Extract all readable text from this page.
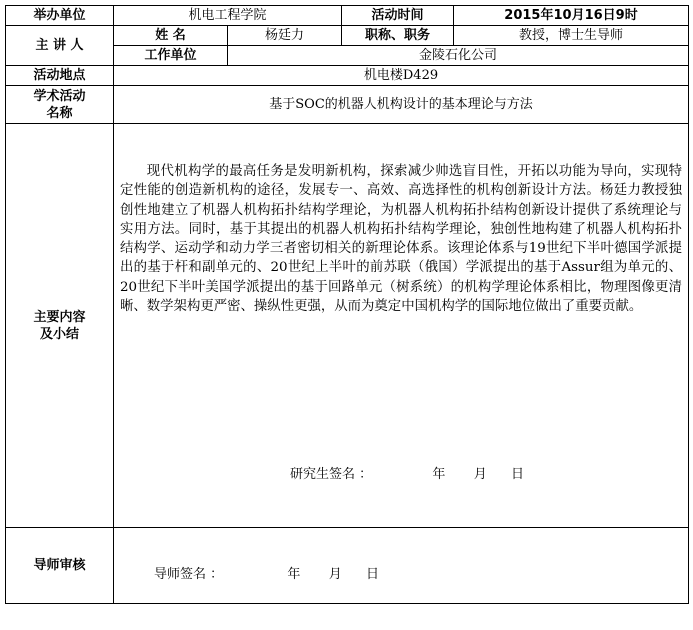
举办单位	机电工程学院		活动时间	2015年10月16日9时
主 讲 人	姓 名	杨廷力	职称、职务	教授，博士生导师
	工作单位	金陵石化公司		
活动地点	机电楼D429			
学术活动名称	基于SOC的机器人机构设计的基本理论与方法			
主要内容及小结	现代机构学的最高任务是发明新机构，探索减少帅选盲目性，开拓以功能为导向，实现特定性能的创造新机构的途径，发展专一、高效、高选择性的机构创新设计方法。杨廷力教授独创性地建立了机器人机构拓扑结构学理论，为机器人机构拓扑结构创新设计提供了系统理论与实用方法。同时，基于其提出的机器人机构拓扑结构学理论，独创性地构建了机器人机构拓扑结构学、运动学和动力学三者密切相关的新理论体系。该理论体系与19世纪下半叶德国学派提出的基于杆和副单元的、20世纪上半叶的前苏联（俄国）学派提出的基于Assur组为单元的、20世纪下半叶美国学派提出的基于回路单元（树系统）的机构学理论体系相比，物理图像更清晰、数学架构更严密、操纵性更强，从而为奠定中国机构学的国际地位做出了重要贡献。
研究生签名 ： 年 月 日			

导师审核	导师签名 ： 年 月 日			
